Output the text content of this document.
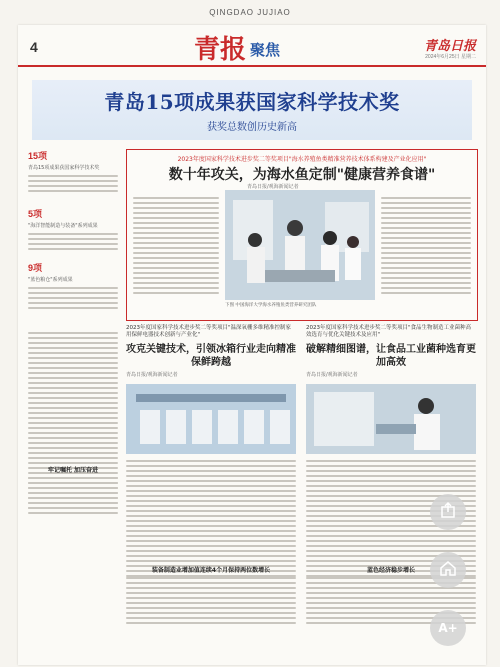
QINGDAO JUJIAO
4	青报 聚焦	青岛日报
2024年6月25日 星期二
青岛15项成果获国家科学技术奖
获奖总数创历史新高
15项
青岛15项成果获国家科学技术奖
5项
"海洋智能制造与装备"系列成果
9项
"蓝色粮仓"系列成果
牢记嘱托 加压奋进
2023年度国家科学技术进步奖二等奖项目"海水养殖鱼类精准营养技术体系构建及产业化应用"
数十年攻关，为海水鱼定制"健康营养食谱"
青岛日报/观海新闻记者
下图 中国海洋大学海水养殖鱼类营养研究团队
2023年度国家科学技术进步奖二等奖项目"温深氧栅多维精准控制家用保鲜电器技术创新与产业化"
攻克关键技术，引领冰箱行业走向精准保鲜跨越
青岛日报/观海新闻记者
2023年度国家科学技术进步奖二等奖项目"食品生物制造工业菌种高效选育与优化关键技术及应用"
破解精细图谱，让食品工业菌种选育更加高效
青岛日报/观海新闻记者
装备制造业增加值连续4个月保持两位数增长	蓝色经济稳步增长
A+
